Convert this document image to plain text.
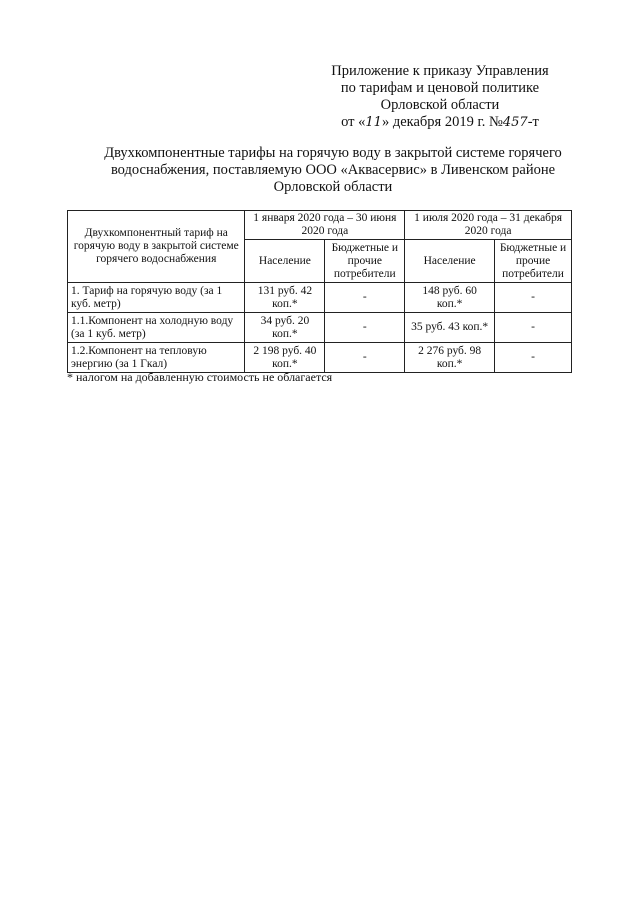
Приложение к приказу Управления
по тарифам и ценовой политике
Орловской области
от «11» декабря 2019 г. №457-т
Двухкомпонентные тарифы на горячую воду в закрытой системе горячего водоснабжения, поставляемую ООО «Аквасервис» в Ливенском районе Орловской области
Двухкомпонентный тариф на горячую воду в закрытой системе горячего водоснабжения	1 января 2020 года – 30 июня 2020 года		1 июля 2020 года – 31 декабря 2020 года	
	Население	Бюджетные и прочие потребители	Население	Бюджетные и прочие потребители
1. Тариф на горячую воду (за 1 куб. метр)	131 руб. 42 коп.*	-	148 руб. 60 коп.*	-
1.1.Компонент на холодную воду (за 1 куб. метр)	34 руб. 20 коп.*	-	35 руб. 43 коп.*	-
1.2.Компонент на тепловую энергию (за 1 Гкал)	2 198 руб. 40 коп.*	-	2 276 руб. 98 коп.*	-
* налогом на добавленную стоимость не облагается
